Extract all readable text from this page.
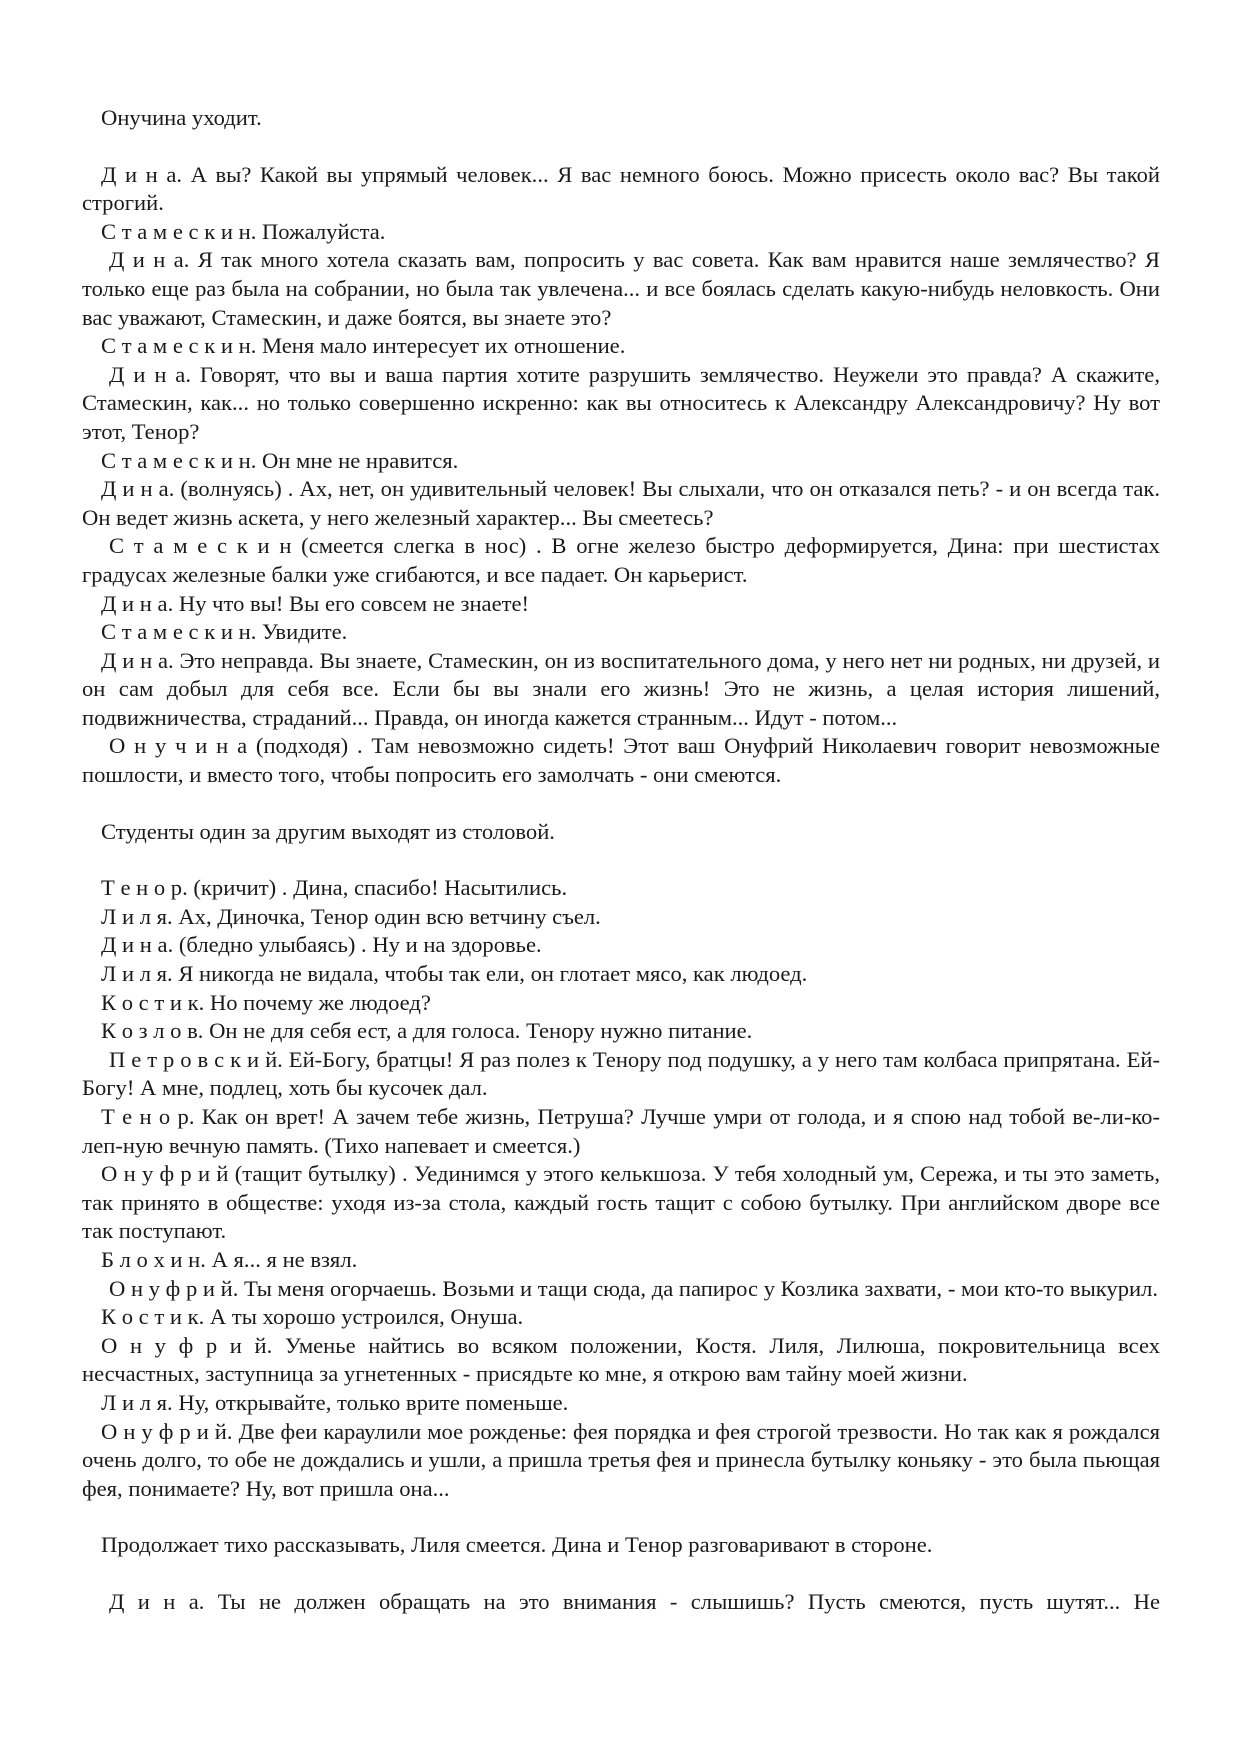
Онучина уходит.

Д и н а. А вы? Какой вы упрямый человек... Я вас немного боюсь. Можно присесть около вас? Вы такой строгий.

С т а м е с к и н. Пожалуйста.

Д и н а. Я так много хотела сказать вам, попросить у вас совета. Как вам нравится наше землячество? Я только еще раз была на собрании, но была так увлечена... и все боялась сделать какую-нибудь неловкость. Они вас уважают, Стамескин, и даже боятся, вы знаете это?

С т а м е с к и н. Меня мало интересует их отношение.

Д и н а. Говорят, что вы и ваша партия хотите разрушить землячество. Неужели это правда? А скажите, Стамескин, как... но только совершенно искренно: как вы относитесь к Александру Александровичу? Ну вот этот, Тенор?

С т а м е с к и н. Он мне не нравится.

Д и н а. (волнуясь) . Ах, нет, он удивительный человек! Вы слыхали, что он отказался петь? - и он всегда так. Он ведет жизнь аскета, у него железный характер... Вы смеетесь?

С т а м е с к и н (смеется слегка в нос) . В огне железо быстро деформируется, Дина: при шестистах градусах железные балки уже сгибаются, и все падает. Он карьерист.

Д и н а. Ну что вы! Вы его совсем не знаете!

С т а м е с к и н. Увидите.

Д и н а. Это неправда. Вы знаете, Стамескин, он из воспитательного дома, у него нет ни родных, ни друзей, и он сам добыл для себя все. Если бы вы знали его жизнь! Это не жизнь, а целая история лишений, подвижничества, страданий... Правда, он иногда кажется странным... Идут - потом...

О н у ч и н а (подходя) . Там невозможно сидеть! Этот ваш Онуфрий Николаевич говорит невозможные пошлости, и вместо того, чтобы попросить его замолчать - они смеются.

Студенты один за другим выходят из столовой.

Т е н о р. (кричит) . Дина, спасибо! Насытились.

Л и л я. Ах, Диночка, Тенор один всю ветчину съел.

Д и н а. (бледно улыбаясь) . Ну и на здоровье.

Л и л я. Я никогда не видала, чтобы так ели, он глотает мясо, как людоед.

К о с т и к. Но почему же людоед?

К о з л о в. Он не для себя ест, а для голоса. Тенору нужно питание.

П е т р о в с к и й. Ей-Богу, братцы! Я раз полез к Тенору под подушку, а у него там колбаса припрятана. Ей-Богу! А мне, подлец, хоть бы кусочек дал.

Т е н о р. Как он врет! А зачем тебе жизнь, Петруша? Лучше умри от голода, и я спою над тобой ве-ли-ко-леп-ную вечную память. (Тихо напевает и смеется.)

О н у ф р и й (тащит бутылку) . Уединимся у этого келькшоза. У тебя холодный ум, Сережа, и ты это заметь, так принято в обществе: уходя из-за стола, каждый гость тащит с собою бутылку. При английском дворе все так поступают.

Б л о х и н. А я... я не взял.

О н у ф р и й. Ты меня огорчаешь. Возьми и тащи сюда, да папирос у Козлика захвати, - мои кто-то выкурил.

К о с т и к. А ты хорошо устроился, Онуша.

О н у ф р и й. Уменье найтись во всяком положении, Костя. Лиля, Лилюша, покровительница всех несчастных, заступница за угнетенных - присядьте ко мне, я открою вам тайну моей жизни.

Л и л я. Ну, открывайте, только врите поменьше.

О н у ф р и й. Две феи караулили мое рожденье: фея порядка и фея строгой трезвости. Но так как я рождался очень долго, то обе не дождались и ушли, а пришла третья фея и принесла бутылку коньяку - это была пьющая фея, понимаете? Ну, вот пришла она...

Продолжает тихо рассказывать, Лиля смеется. Дина и Тенор разговаривают в стороне.

Д и н а. Ты не должен обращать на это внимания - слышишь? Пусть смеются, пусть шутят... Не
